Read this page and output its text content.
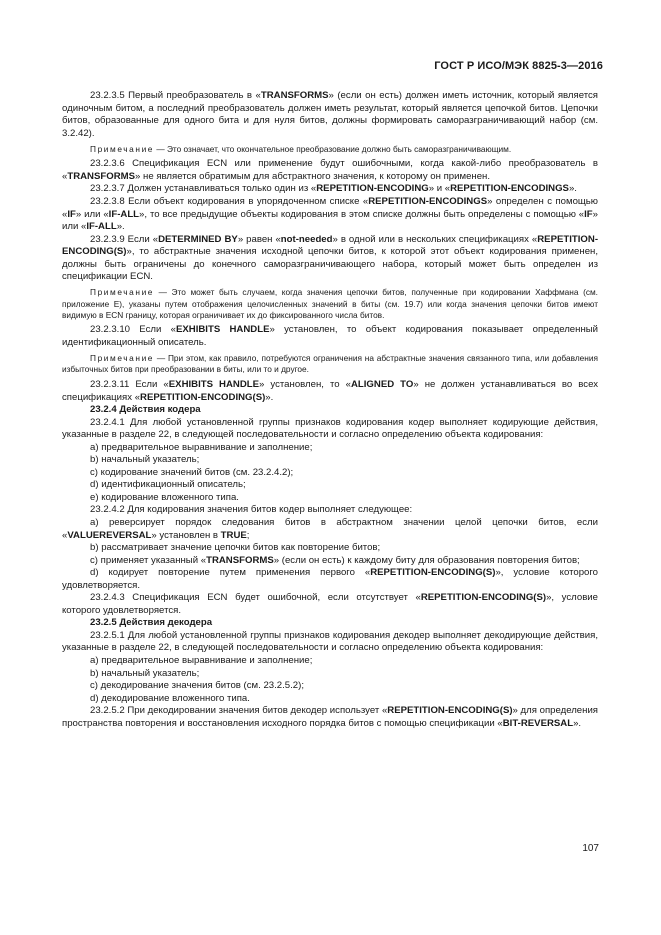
ГОСТ Р ИСО/МЭК 8825-3—2016

23.2.3.5 Первый преобразователь в «TRANSFORMS» (если он есть) должен иметь источник, который является одиночным битом, а последний преобразователь должен иметь результат, который является цепочкой битов. Цепочки битов, образованные для одного бита и для нуля битов, должны формировать саморазграничивающий набор (см. 3.2.42).

Примечание — Это означает, что окончательное преобразование должно быть саморазграничивающим.

23.2.3.6 Спецификация ECN или применение будут ошибочными, когда какой-либо преобразователь в «TRANSFORMS» не является обратимым для абстрактного значения, к которому он применен.

23.2.3.7 Должен устанавливаться только один из «REPETITION-ENCODING» и «REPETITION-ENCODINGS».

23.2.3.8 Если объект кодирования в упорядоченном списке «REPETITION-ENCODINGS» определен с помощью «IF» или «IF-ALL», то все предыдущие объекты кодирования в этом списке должны быть определены с помощью «IF» или «IF-ALL».

23.2.3.9 Если «DETERMINED BY» равен «not-needed» в одной или в нескольких спецификациях «REPETITION-ENCODING(S)», то абстрактные значения исходной цепочки битов, к которой этот объект кодирования применен, должны быть ограничены до конечного саморазграничивающего набора, который может быть определен из спецификации ECN.

Примечание — Это может быть случаем, когда значения цепочки битов, полученные при кодировании Хаффмана (см. приложение Е), указаны путем отображения целочисленных значений в биты (см. 19.7) или когда значения цепочки битов имеют видимую в ECN границу, которая ограничивает их до фиксированного числа битов.

23.2.3.10 Если «EXHIBITS HANDLE» установлен, то объект кодирования показывает определенный идентификационный описатель.

Примечание — При этом, как правило, потребуются ограничения на абстрактные значения связанного типа, или добавления избыточных битов при преобразовании в биты, или то и другое.

23.2.3.11 Если «EXHIBITS HANDLE» установлен, то «ALIGNED TO» не должен устанавливаться во всех спецификациях «REPETITION-ENCODING(S)».

23.2.4 Действия кодера

23.2.4.1 Для любой установленной группы признаков кодирования кодер выполняет кодирующие действия, указанные в разделе 22, в следующей последовательности и согласно определению объекта кодирования:

a) предварительное выравнивание и заполнение;

b) начальный указатель;

c) кодирование значений битов (см. 23.2.4.2);

d) идентификационный описатель;

e) кодирование вложенного типа.

23.2.4.2 Для кодирования значения битов кодер выполняет следующее:

a) реверсирует порядок следования битов в абстрактном значении целой цепочки битов, если «VALUEREVERSAL» установлен в TRUE;

b) рассматривает значение цепочки битов как повторение битов;

c) применяет указанный «TRANSFORMS» (если он есть) к каждому биту для образования повторения битов;

d) кодирует повторение путем применения первого «REPETITION-ENCODING(S)», условие которого удовлетворяется.

23.2.4.3 Спецификация ECN будет ошибочной, если отсутствует «REPETITION-ENCODING(S)», условие которого удовлетворяется.

23.2.5 Действия декодера

23.2.5.1 Для любой установленной группы признаков кодирования декодер выполняет декодирующие действия, указанные в разделе 22, в следующей последовательности и согласно определению объекта кодирования:

a) предварительное выравнивание и заполнение;

b) начальный указатель;

c) декодирование значения битов (см. 23.2.5.2);

d) декодирование вложенного типа.

23.2.5.2 При декодировании значения битов декодер использует «REPETITION-ENCODING(S)» для определения пространства повторения и восстановления исходного порядка битов с помощью спецификации «BIT-REVERSAL».

107
